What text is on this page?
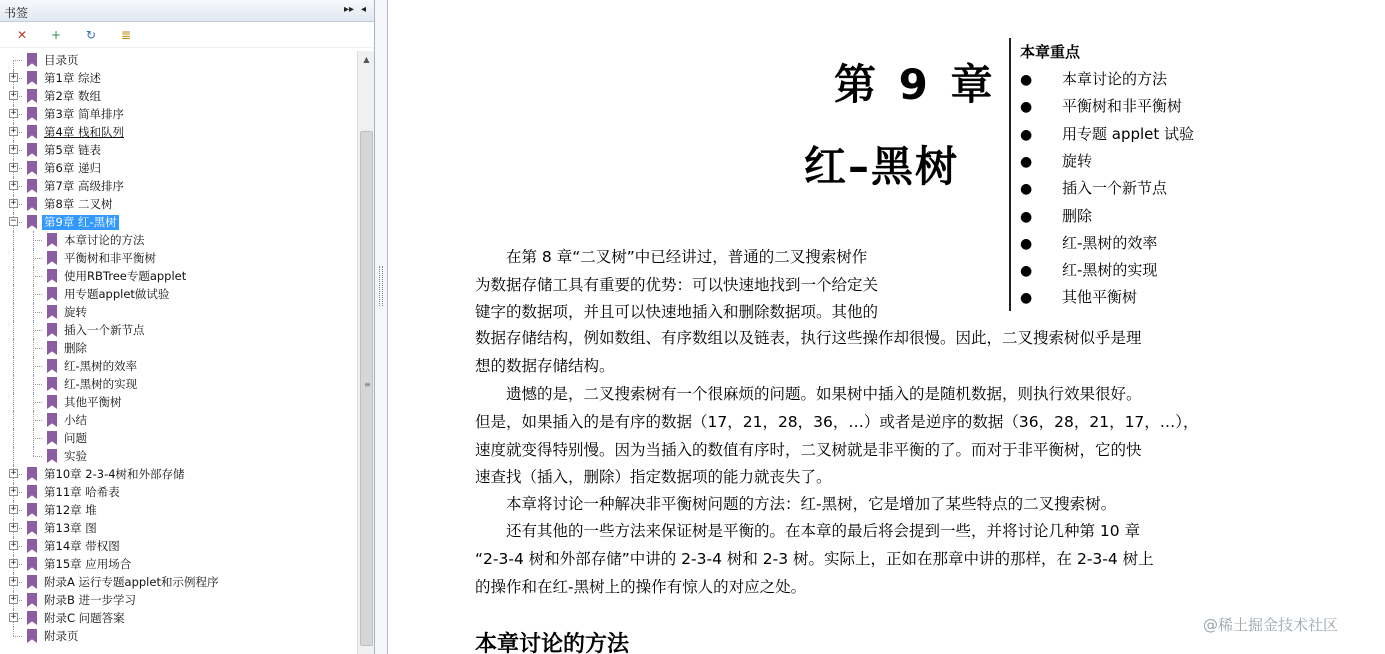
书签	▸▸ ◂
✕ + ↻ ≣
目录页
+ 第1章 综述
+ 第2章 数组
+ 第3章 简单排序
+ 第4章 栈和队列
+ 第5章 链表
+ 第6章 递归
+ 第7章 高级排序
+ 第8章 二叉树
− 第9章 红-黑树
本章讨论的方法
平衡树和非平衡树
使用RBTree专题applet
用专题applet做试验
旋转
插入一个新节点
删除
红-黑树的效率
红-黑树的实现
其他平衡树
小结
问题
实验
+ 第10章 2-3-4树和外部存储
+ 第11章 哈希表
+ 第12章 堆
+ 第13章 图
+ 第14章 带权图
+ 第15章 应用场合
+ 附录A 运行专题applet和示例程序
+ 附录B 进一步学习
+ 附录C 问题答案
附录页
▲
≡
第 9 章
红–黑树
本章重点
● 本章讨论的方法
● 平衡树和非平衡树
● 用专题 applet 试验
● 旋转
● 插入一个新节点
● 删除
● 红-黑树的效率
● 红-黑树的实现
● 其他平衡树
　　在第 8 章“二叉树”中已经讲过，普通的二叉搜索树作
为数据存储工具有重要的优势：可以快速地找到一个给定关
键字的数据项，并且可以快速地插入和删除数据项。其他的
数据存储结构，例如数组、有序数组以及链表，执行这些操作却很慢。因此，二叉搜索树似乎是理
想的数据存储结构。
　　遗憾的是，二叉搜索树有一个很麻烦的问题。如果树中插入的是随机数据，则执行效果很好。
但是，如果插入的是有序的数据（17，21，28，36，…）或者是逆序的数据（36，28，21，17，…），
速度就变得特别慢。因为当插入的数值有序时，二叉树就是非平衡的了。而对于非平衡树，它的快
速查找（插入，删除）指定数据项的能力就丧失了。
　　本章将讨论一种解决非平衡树问题的方法：红-黑树，它是增加了某些特点的二叉搜索树。
　　还有其他的一些方法来保证树是平衡的。在本章的最后将会提到一些，并将讨论几种第 10 章
“2-3-4 树和外部存储”中讲的 2-3-4 树和 2-3 树。实际上，正如在那章中讲的那样，在 2-3-4 树上
的操作和在红-黑树上的操作有惊人的对应之处。
本章讨论的方法
@稀土掘金技术社区
